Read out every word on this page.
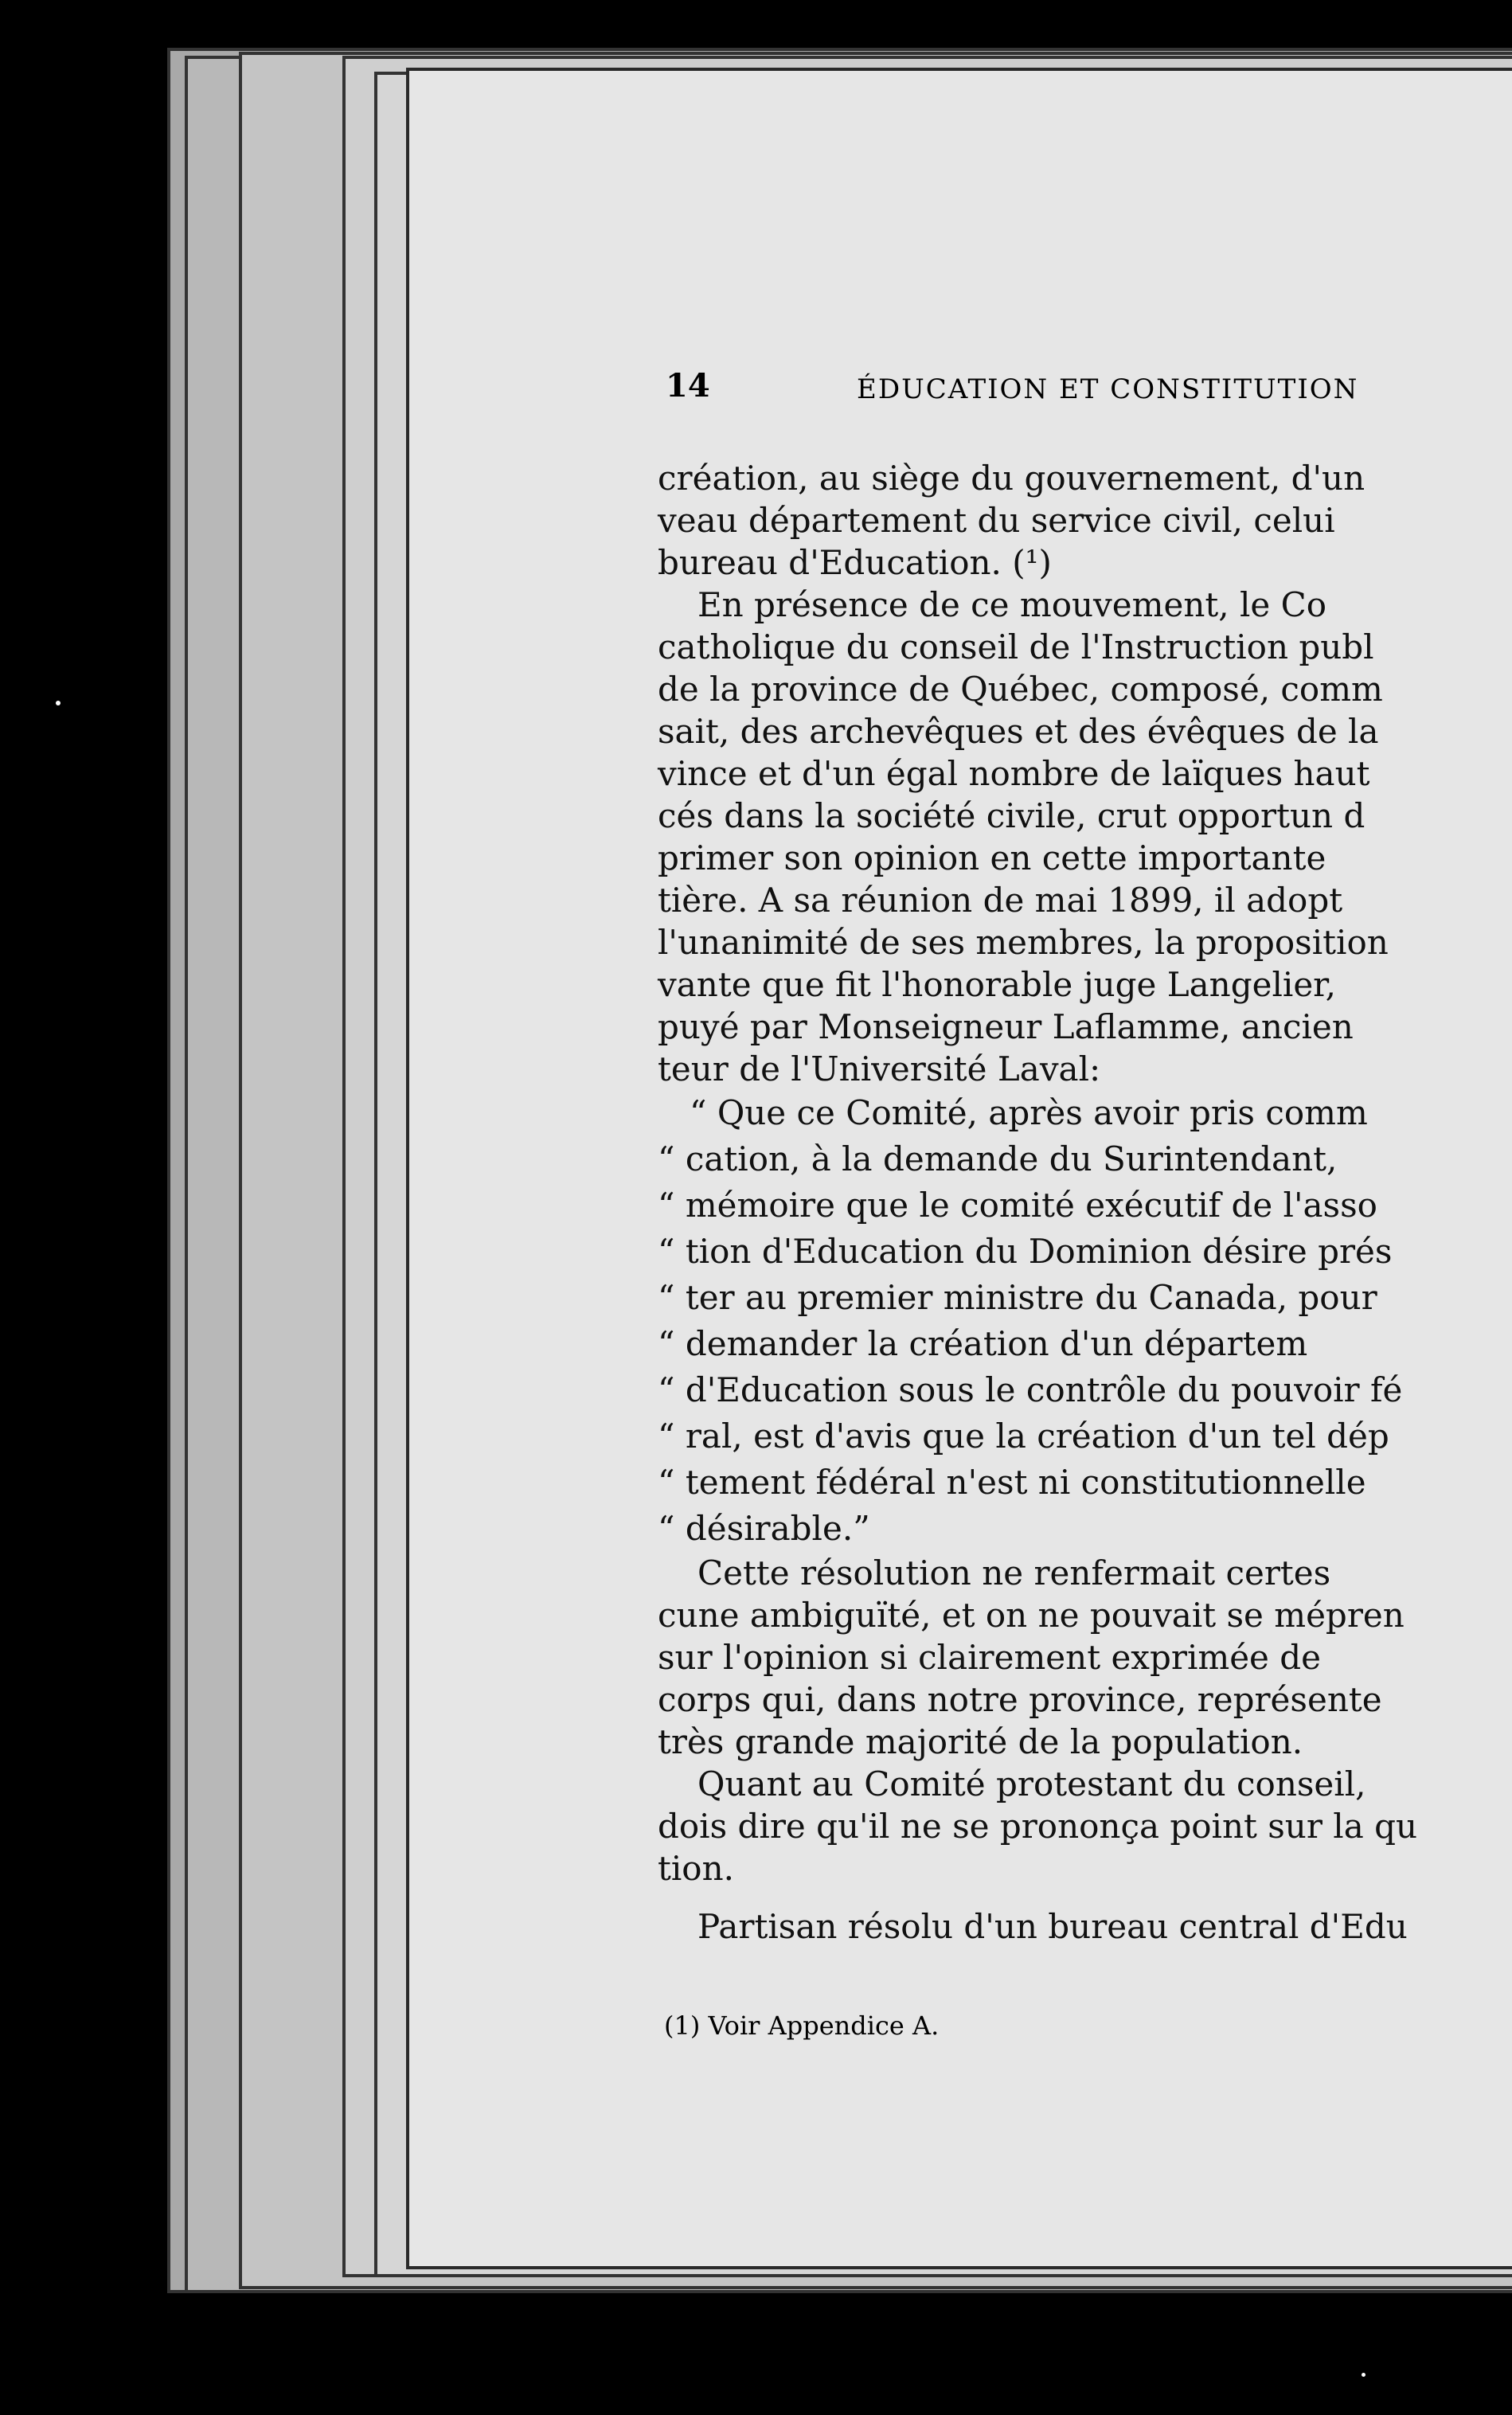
14	ÉDUCATION ET CONSTITUTION
création, au siège du gouvernement, d'un
veau département du service civil, celui
bureau d'Education. (¹)
En présence de ce mouvement, le Co
catholique du conseil de l'Instruction publ
de la province de Québec, composé, comm
sait, des archevêques et des évêques de la
vince et d'un égal nombre de laïques haut
cés dans la société civile, crut opportun d
primer son opinion en cette importante
tière. A sa réunion de mai 1899, il adopt
l'unanimité de ses membres, la proposition
vante que fit l'honorable juge Langelier,
puyé par Monseigneur Laflamme, ancien
teur de l'Université Laval:
“ Que ce Comité, après avoir pris comm
“ cation, à la demande du Surintendant,
“ mémoire que le comité exécutif de l'asso
“ tion d'Education du Dominion désire prés
“ ter au premier ministre du Canada, pour
“ demander la création d'un départem
“ d'Education sous le contrôle du pouvoir fé
“ ral, est d'avis que la création d'un tel dép
“ tement fédéral n'est ni constitutionnelle
“ désirable.”
Cette résolution ne renfermait certes
cune ambiguïté, et on ne pouvait se mépren
sur l'opinion si clairement exprimée de
corps qui, dans notre province, représente
très grande majorité de la population.
Quant au Comité protestant du conseil,
dois dire qu'il ne se prononça point sur la qu
tion.
Partisan résolu d'un bureau central d'Edu
(1) Voir Appendice A.
